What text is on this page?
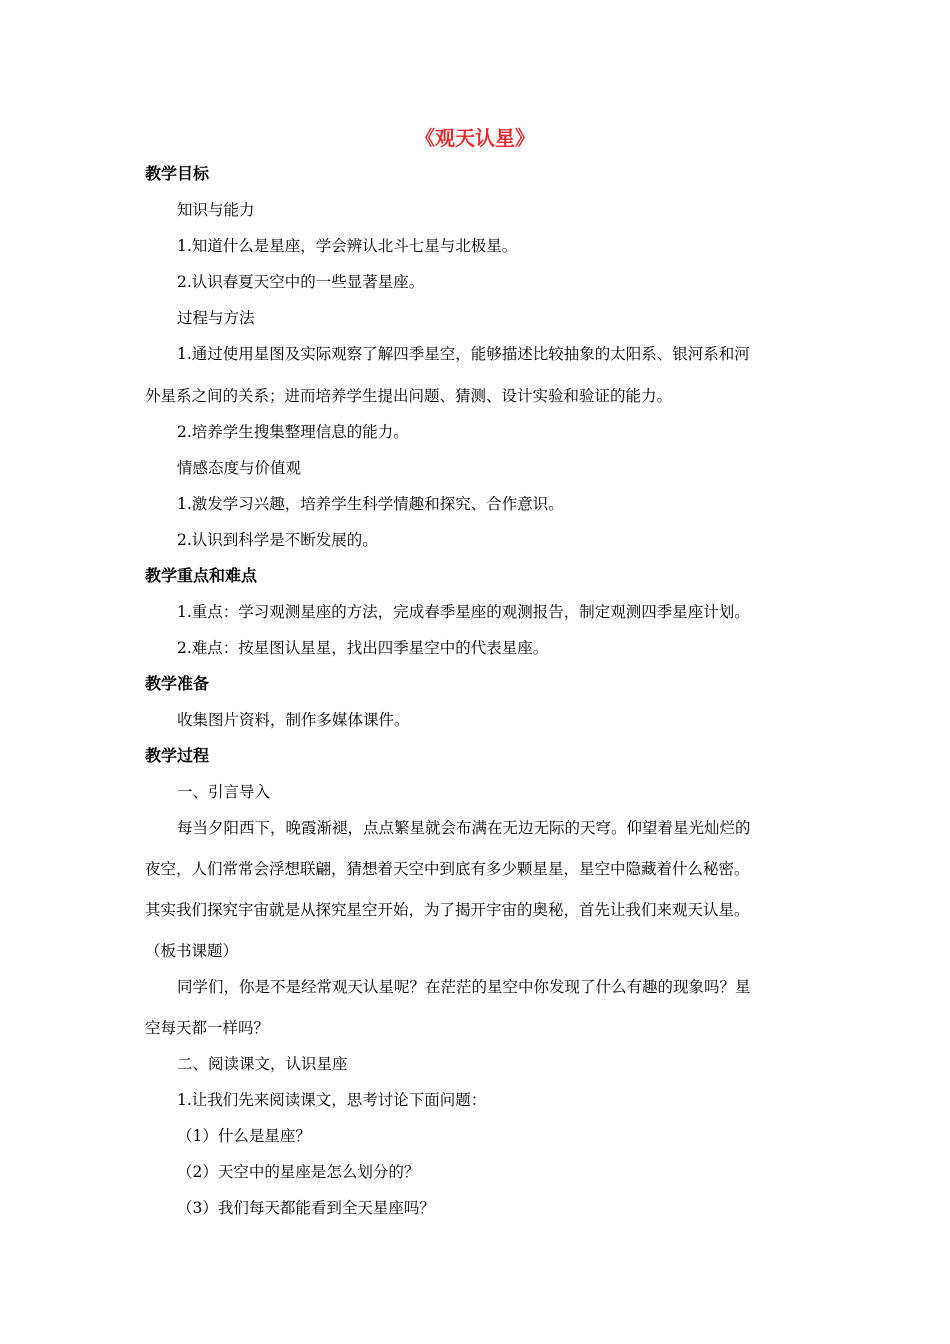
《观天认星》
教学目标
知识与能力
1.知道什么是星座，学会辨认北斗七星与北极星。
2.认识春夏天空中的一些显著星座。
过程与方法
1.通过使用星图及实际观察了解四季星空，能够描述比较抽象的太阳系、银河系和河
外星系之间的关系；进而培养学生提出问题、猜测、设计实验和验证的能力。
2.培养学生搜集整理信息的能力。
情感态度与价值观
1.激发学习兴趣，培养学生科学情趣和探究、合作意识。
2.认识到科学是不断发展的。
教学重点和难点
1.重点：学习观测星座的方法，完成春季星座的观测报告，制定观测四季星座计划。
2.难点：按星图认星星，找出四季星空中的代表星座。
教学准备
收集图片资料，制作多媒体课件。
教学过程
一、引言导入
每当夕阳西下，晚霞渐褪，点点繁星就会布满在无边无际的天穹。仰望着星光灿烂的
夜空，人们常常会浮想联翩，猜想着天空中到底有多少颗星星，星空中隐藏着什么秘密。
其实我们探究宇宙就是从探究星空开始，为了揭开宇宙的奥秘，首先让我们来观天认星。
（板书课题）
同学们，你是不是经常观天认星呢？在茫茫的星空中你发现了什么有趣的现象吗？星
空每天都一样吗？
二、阅读课文，认识星座
1.让我们先来阅读课文，思考讨论下面问题：
（1）什么是星座？
（2）天空中的星座是怎么划分的？
（3）我们每天都能看到全天星座吗？
